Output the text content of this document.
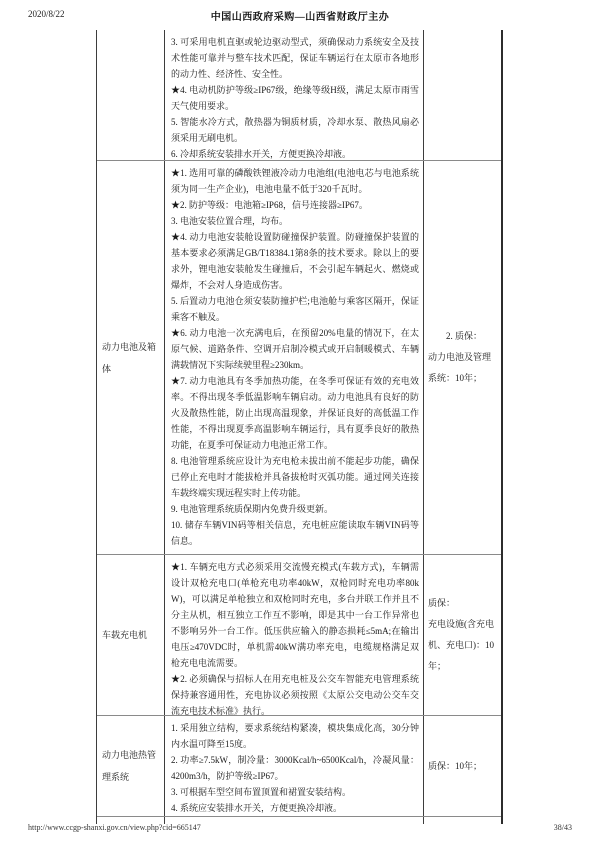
2020/8/22	中国山西政府采购—山西省财政厅主办

3. 可采用电机直驱或轮边驱动型式，须确保动力系统安全及技术性能可靠并与整车技术匹配，保证车辆运行在太原市各地形的动力性、经济性、安全性。

★4. 电动机防护等级≥IP67级，绝缘等级H级，满足太原市雨雪天气使用要求。

5. 智能水冷方式，散热器为铜质材质，冷却水泵、散热风扇必须采用无刷电机。

6. 冷却系统安装排水开关，方便更换冷却液。

动力电池及箱体

★1. 选用可靠的磷酸铁锂液冷动力电池组(电池电芯与电池系统须为同一生产企业)，电池电量不低于320千瓦时。

★2. 防护等级：电池箱≥IP68，信号连接器≥IP67。

3. 电池安装位置合理，均布。

★4. 动力电池安装舱设置防碰撞保护装置。防碰撞保护装置的基本要求必须满足GB/T18384.1第8条的技术要求。除以上的要求外，锂电池安装舱发生碰撞后，不会引起车辆起火、燃烧或爆炸，不会对人身造成伤害。

5. 后置动力电池仓须安装防撞护栏;电池舱与乘客区隔开，保证乘客不触及。

★6. 动力电池一次充满电后，在预留20%电量的情况下，在太原气候、道路条件、空调开启制冷模式或开启制暖模式、车辆满载情况下实际续驶里程≥230km。

★7. 动力电池具有冬季加热功能，在冬季可保证有效的充电效率。不得出现冬季低温影响车辆启动。动力电池具有良好的防火及散热性能，防止出现高温现象，并保证良好的高低温工作性能，不得出现夏季高温影响车辆运行，具有夏季良好的散热功能，在夏季可保证动力电池正常工作。

8. 电池管理系统应设计为充电枪未拔出前不能起步功能，确保已停止充电时才能拔枪并具备拔枪时灭弧功能。通过网关连接车载终端实现远程实时上传功能。

9. 电池管理系统质保期内免费升级更新。

10. 储存车辆VIN码等相关信息，充电桩应能读取车辆VIN码等信息。

2. 质保：

动力电池及管理系统：10年；

车载充电机

★1. 车辆充电方式必须采用交流慢充模式(车载方式)，车辆需设计双枪充电口(单枪充电功率40kW，双枪同时充电功率80kW)，可以满足单枪独立和双枪同时充电，多台并联工作并且不分主从机，相互独立工作互不影响，即是其中一台工作异常也不影响另外一台工作。低压供应输入的静态损耗≤5mA;在输出电压≥470VDC时，单机需40kW满功率充电，电缆规格满足双枪充电电流需要。

★2. 必须确保与招标人在用充电桩及公交车智能充电管理系统保持兼容通用性，充电协议必须按照《太原公交电动公交车交流充电技术标准》执行。

质保：

充电设施(含充电机、充电口)：10年；

动力电池热管理系统

1. 采用独立结构，要求系统结构紧凑，模块集成化高，30分钟内水温可降至15度。

2. 功率≥7.5kW，制冷量：3000Kcal/h~6500Kcal/h，冷凝风量：4200m3/h，防护等级≥IP67。

3. 可根据车型空间布置顶置和裙置安装结构。

4. 系统应安装排水开关，方便更换冷却液。

质保：10年；

http://www.ccgp-shanxi.gov.cn/view.php?cid=665147	38/43
